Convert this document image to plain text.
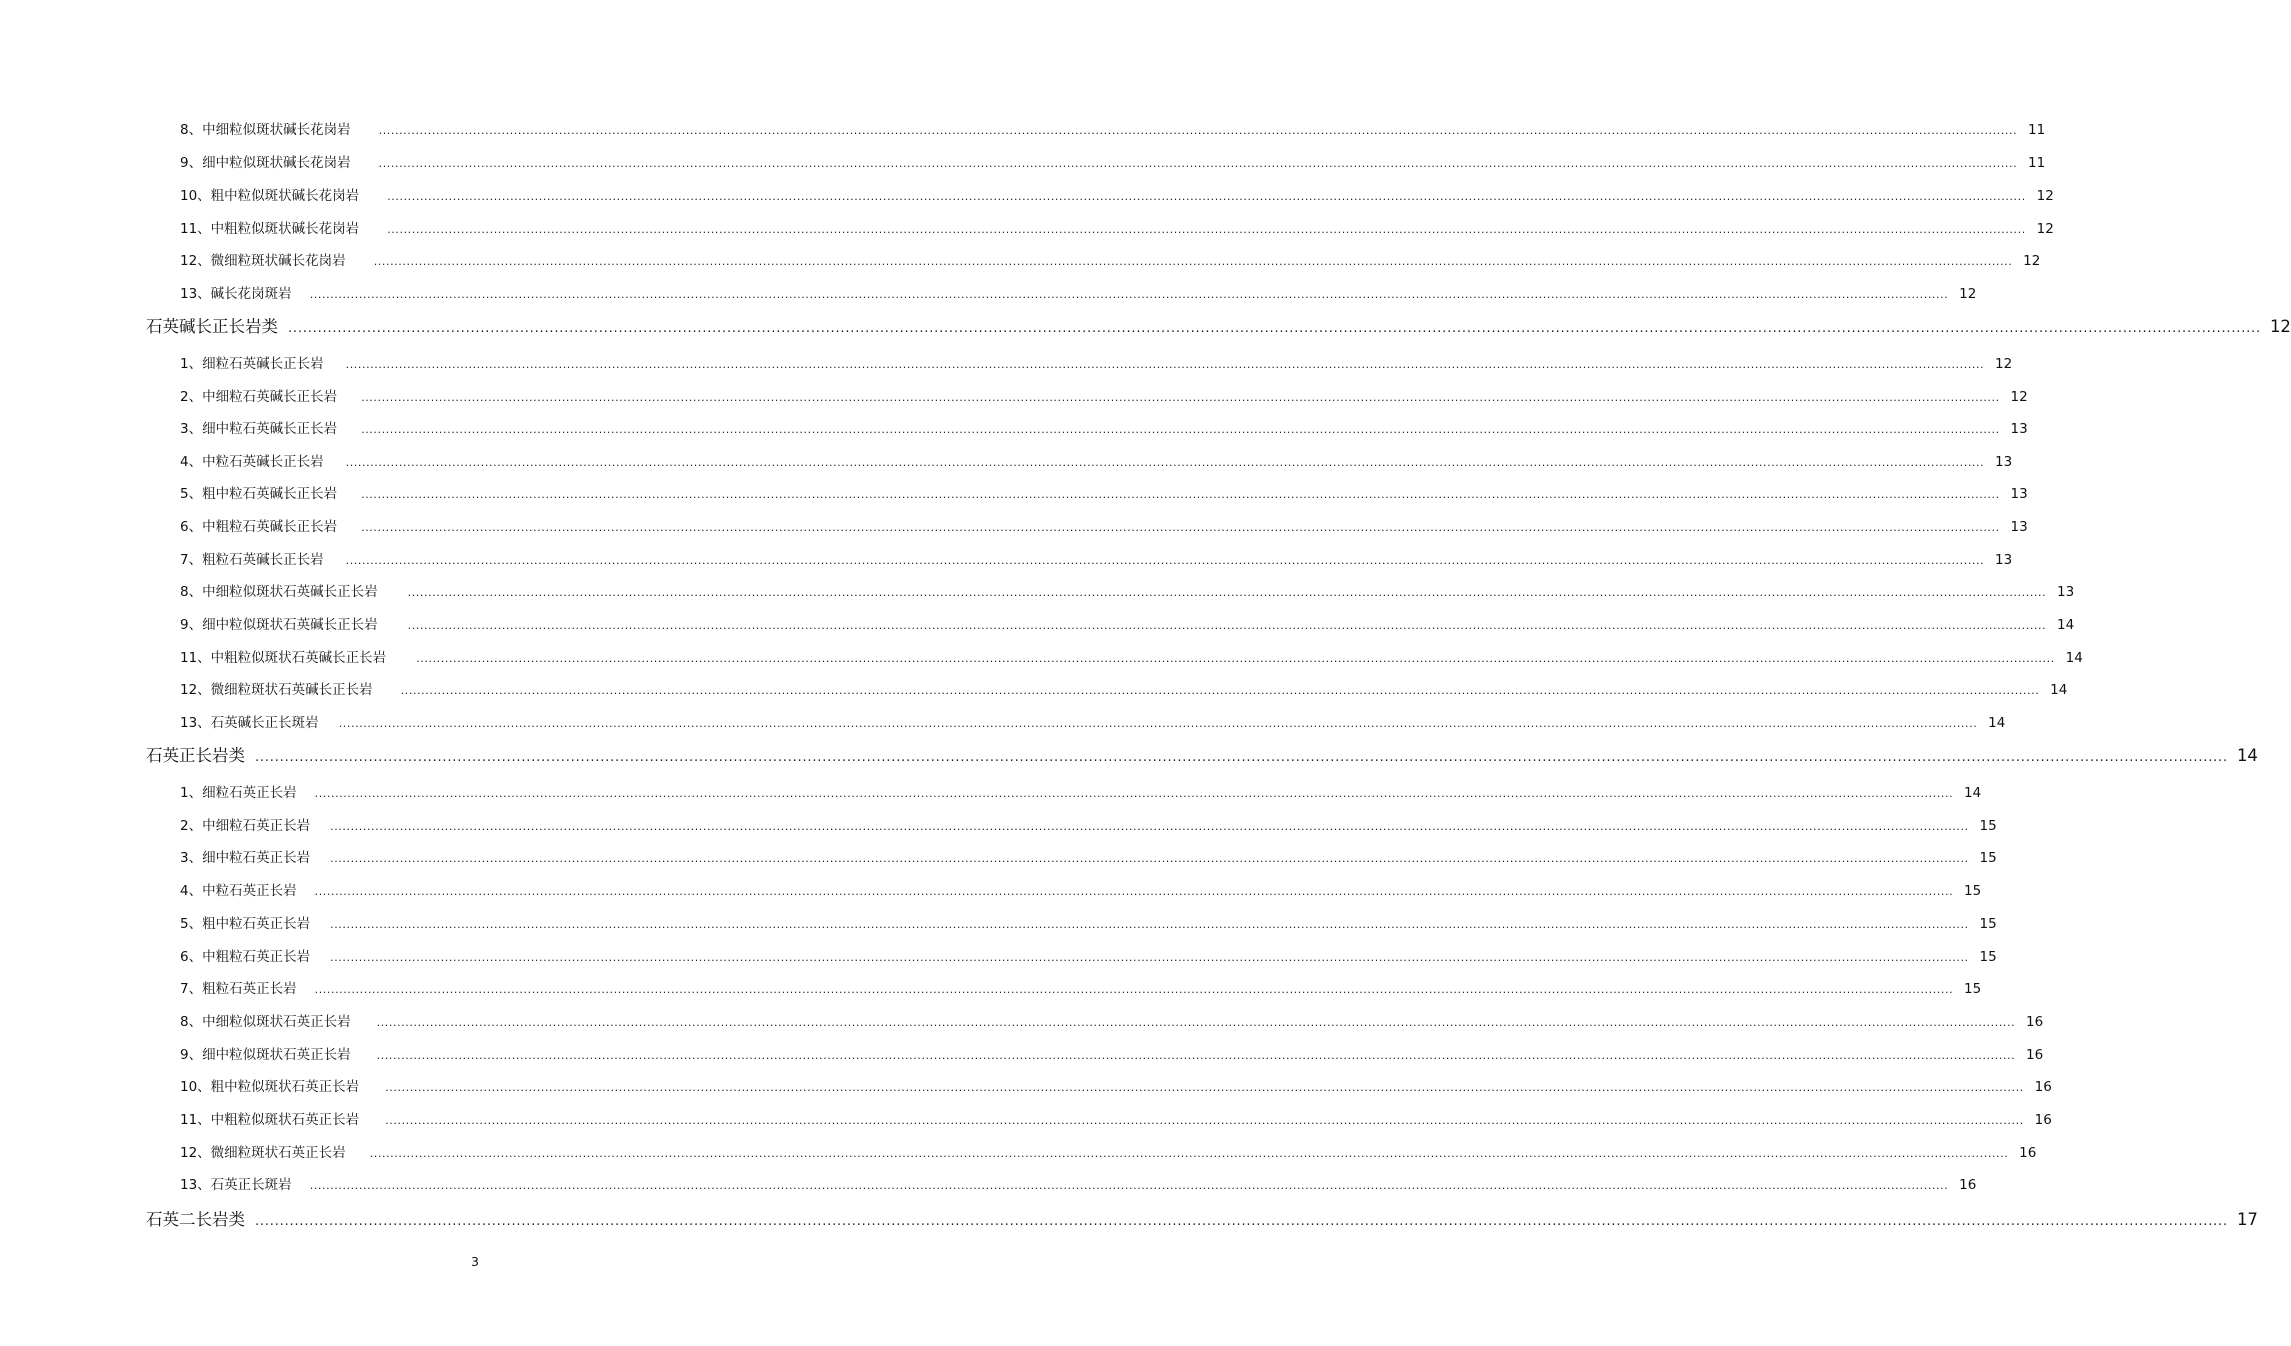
8、中细粒似斑状碱长花岗岩	................................................................................................................................................................................................................................................................................................................................................................................................................ 11
9、细中粒似斑状碱长花岗岩	................................................................................................................................................................................................................................................................................................................................................................................................................ 11
10、粗中粒似斑状碱长花岗岩	................................................................................................................................................................................................................................................................................................................................................................................................................ 12
11、中粗粒似斑状碱长花岗岩	................................................................................................................................................................................................................................................................................................................................................................................................................ 12
12、微细粒斑状碱长花岗岩	................................................................................................................................................................................................................................................................................................................................................................................................................ 12
13、碱长花岗斑岩 ................................................................................................................................................................................................................................................................................................................................................................................................................ 12
石英碱长正长岩类 ................................................................................................................................................................................................................................................................................................................................................................................................................ 12
1、细粒石英碱长正长岩 ................................................................................................................................................................................................................................................................................................................................................................................................................ 12
2、中细粒石英碱长正长岩 ................................................................................................................................................................................................................................................................................................................................................................................................................ 12
3、细中粒石英碱长正长岩 ................................................................................................................................................................................................................................................................................................................................................................................................................ 13
4、中粒石英碱长正长岩 ................................................................................................................................................................................................................................................................................................................................................................................................................ 13
5、粗中粒石英碱长正长岩 ................................................................................................................................................................................................................................................................................................................................................................................................................ 13
6、中粗粒石英碱长正长岩 ................................................................................................................................................................................................................................................................................................................................................................................................................ 13
7、粗粒石英碱长正长岩 ................................................................................................................................................................................................................................................................................................................................................................................................................ 13
8、中细粒似斑状石英碱长正长岩	................................................................................................................................................................................................................................................................................................................................................................................................................ 13
9、细中粒似斑状石英碱长正长岩	................................................................................................................................................................................................................................................................................................................................................................................................................ 14
11、中粗粒似斑状石英碱长正长岩	................................................................................................................................................................................................................................................................................................................................................................................................................ 14
12、微细粒斑状石英碱长正长岩	................................................................................................................................................................................................................................................................................................................................................................................................................ 14
13、石英碱长正长斑岩 ................................................................................................................................................................................................................................................................................................................................................................................................................ 14
石英正长岩类 ................................................................................................................................................................................................................................................................................................................................................................................................................ 14
1、细粒石英正长岩 ................................................................................................................................................................................................................................................................................................................................................................................................................ 14
2、中细粒石英正长岩 ................................................................................................................................................................................................................................................................................................................................................................................................................ 15
3、细中粒石英正长岩 ................................................................................................................................................................................................................................................................................................................................................................................................................ 15
4、中粒石英正长岩 ................................................................................................................................................................................................................................................................................................................................................................................................................ 15
5、粗中粒石英正长岩 ................................................................................................................................................................................................................................................................................................................................................................................................................ 15
6、中粗粒石英正长岩 ................................................................................................................................................................................................................................................................................................................................................................................................................ 15
7、粗粒石英正长岩 ................................................................................................................................................................................................................................................................................................................................................................................................................ 15
8、中细粒似斑状石英正长岩 ................................................................................................................................................................................................................................................................................................................................................................................................................ 16
9、细中粒似斑状石英正长岩 ................................................................................................................................................................................................................................................................................................................................................................................................................ 16
10、粗中粒似斑状石英正长岩 ................................................................................................................................................................................................................................................................................................................................................................................................................ 16
11、中粗粒似斑状石英正长岩 ................................................................................................................................................................................................................................................................................................................................................................................................................ 16
12、微细粒斑状石英正长岩 ................................................................................................................................................................................................................................................................................................................................................................................................................ 16
13、石英正长斑岩 ................................................................................................................................................................................................................................................................................................................................................................................................................ 16
石英二长岩类 ................................................................................................................................................................................................................................................................................................................................................................................................................ 17
3
